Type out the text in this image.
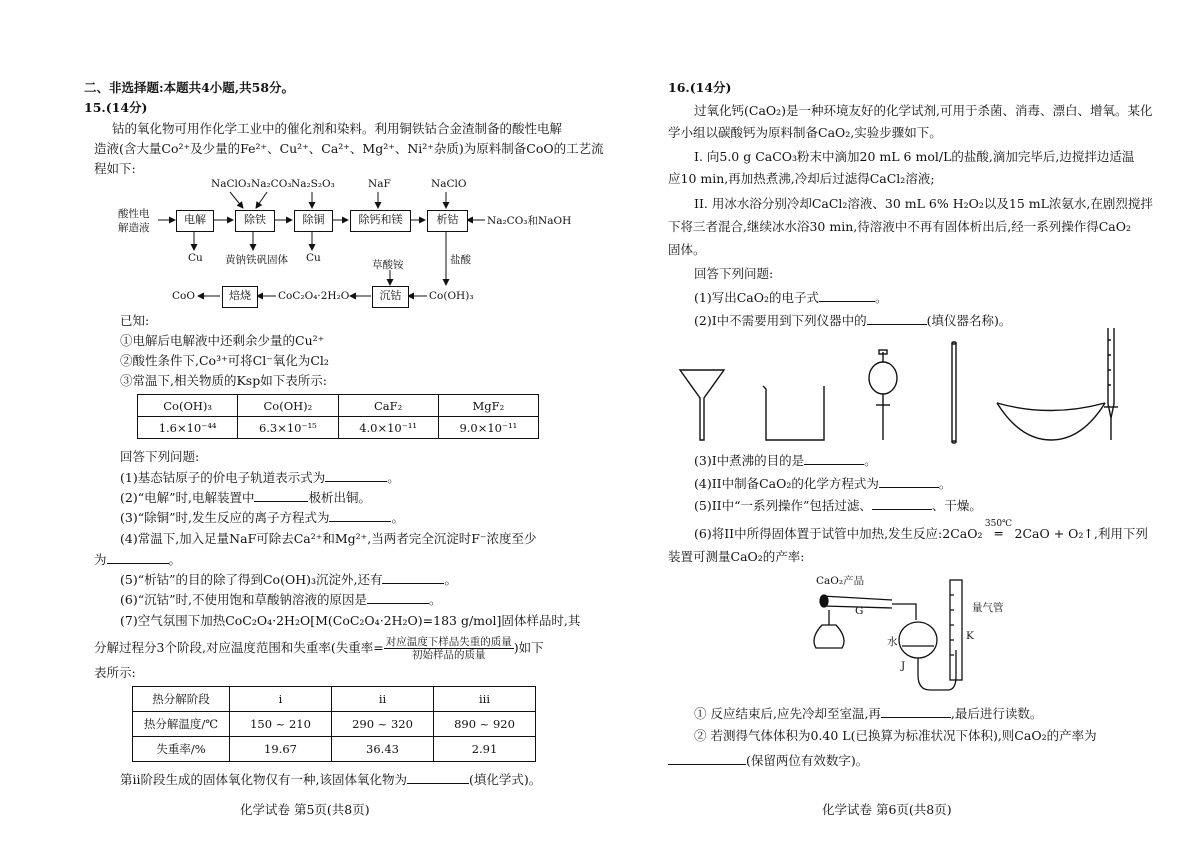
二、非选择题:本题共4小题,共58分。
15.(14分)
钴的氧化物可用作化学工业中的催化剂和染料。利用铜铁钴合金渣制备的酸性电解
造液(含大量Co²⁺及少量的Fe²⁺、Cu²⁺、Ca²⁺、Mg²⁺、Ni²⁺杂质)为原料制备CoO的工艺流
程如下:
酸性电
解造液
NaClO₃ Na₂CO₃ Na₂S₂O₃	NaF	NaClO
电解	除铁	除铜	除钙和镁	析钴	Na₂CO₃和NaOH
Cu 黄钠铁矾固体 Cu	盐酸
草酸铵
Co(OH)₃
沉钴
CoC₂O₄·2H₂O
焙烧
CoO
已知:
①电解后电解液中还剩余少量的Cu²⁺
②酸性条件下,Co³⁺可将Cl⁻氧化为Cl₂
③常温下,相关物质的Ksp如下表所示:
Co(OH)₃	Co(OH)₂	CaF₂	MgF₂
1.6×10⁻⁴⁴	6.3×10⁻¹⁵	4.0×10⁻¹¹	9.0×10⁻¹¹
回答下列问题:
(1)基态钴原子的价电子轨道表示式为	。
(2)“电解”时,电解装置中	极析出铜。
(3)“除铜”时,发生反应的离子方程式为	。
(4)常温下,加入足量NaF可除去Ca²⁺和Mg²⁺,当两者完全沉淀时F⁻浓度至少
为	。
(5)“析钴”的目的除了得到Co(OH)₃沉淀外,还有	。
(6)“沉钴”时,不使用饱和草酸钠溶液的原因是	。
(7)空气氛围下加热CoC₂O₄·2H₂O[M(CoC₂O₄·2H₂O)=183 g/mol]固体样品时,其
分解过程分3个阶段,对应温度范围和失重率(失重率= $\frac{\text{对应温度下样品失重的质量}}{\text{初始样品的质量}}$ )如下
表所示:
热分解阶段	i	ii	iii
热分解温度/℃	150 ~ 210	290 ~ 320	890 ~ 920
失重率/%	19.67	36.43	2.91
第ii阶段生成的固体氧化物仅有一种,该固体氧化物为	(填化学式)。
化学试卷 第5页(共8页)
16.(14分)
过氧化钙(CaO₂)是一种环境友好的化学试剂,可用于杀菌、消毒、漂白、增氧。某化
学小组以碳酸钙为原料制备CaO₂,实验步骤如下。
I. 向5.0 g CaCO₃粉末中滴加20 mL 6 mol/L的盐酸,滴加完毕后,边搅拌边适温
应10 min,再加热煮沸,冷却后过滤得CaCl₂溶液;
II. 用冰水浴分别冷却CaCl₂溶液、30 mL 6% H₂O₂以及15 mL浓氨水,在剧烈搅拌
下将三者混合,继续冰水浴30 min,待溶液中不再有固体析出后,经一系列操作得CaO₂
固体。
回答下列问题:
(1)写出CaO₂的电子式	。
(2)I中不需要用到下列仪器中的	(填仪器名称)。
(3)I中煮沸的目的是	。
(4)II中制备CaO₂的化学方程式为	。
(5)II中“一系列操作”包括过滤、	、干燥。
(6)将II中所得固体置于试管中加热,发生反应:2CaO₂
350℃
═ 2CaO + O₂↑,利用下列
装置可测量CaO₂的产率:
CaO₂产品
量气管
G
K
J
水
① 反应结束后,应先冷却至室温,再	,最后进行读数。
② 若测得气体体积为0.40 L(已换算为标准状况下体积),则CaO₂的产率为
(保留两位有效数字)。
化学试卷 第6页(共8页)
